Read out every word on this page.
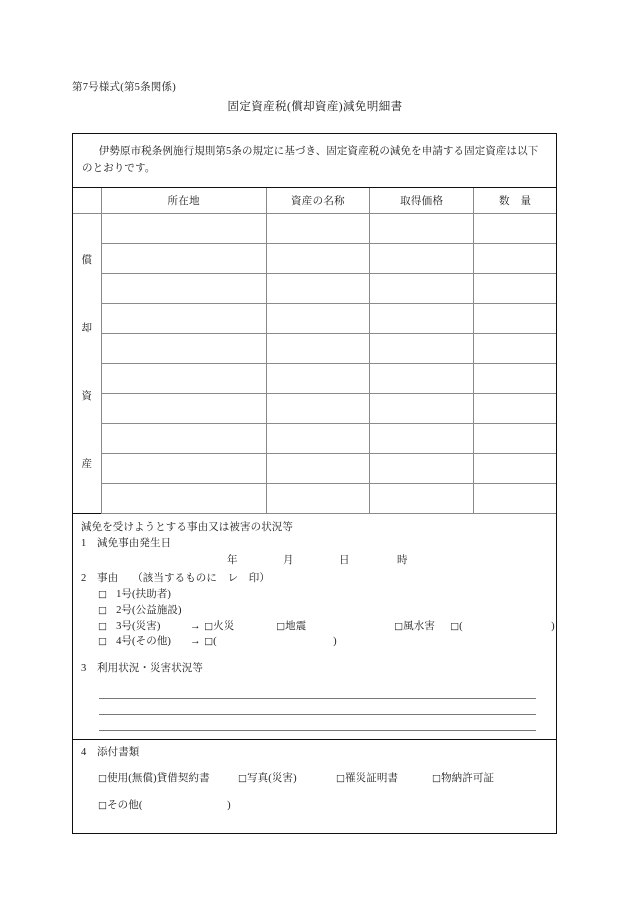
第7号様式(第5条関係)
固定資産税(償却資産)減免明細書
伊勢原市税条例施行規則第5条の規定に基づき、固定資産税の減免を申請する固定資産は以下のとおりです。
	所在地	資産の名称	取得価格	数　量

償
却
資
産				

減免を受けようとする事由又は被害の状況等

1 減免事由発生日

年	月	日	時

2 事由 （該当するものに　レ　印）

□ 1号(扶助者)

□ 2号(公益施設)

□ 3号(災害)	→ □火災	□地震	□風水害 □(	)

□ 4号(その他) → □(	)

3 利用状況・災害状況等

4 添付書類

□使用(無償)貸借契約書	□写真(災害)	□罹災証明書	□物納許可証

□その他(	)
